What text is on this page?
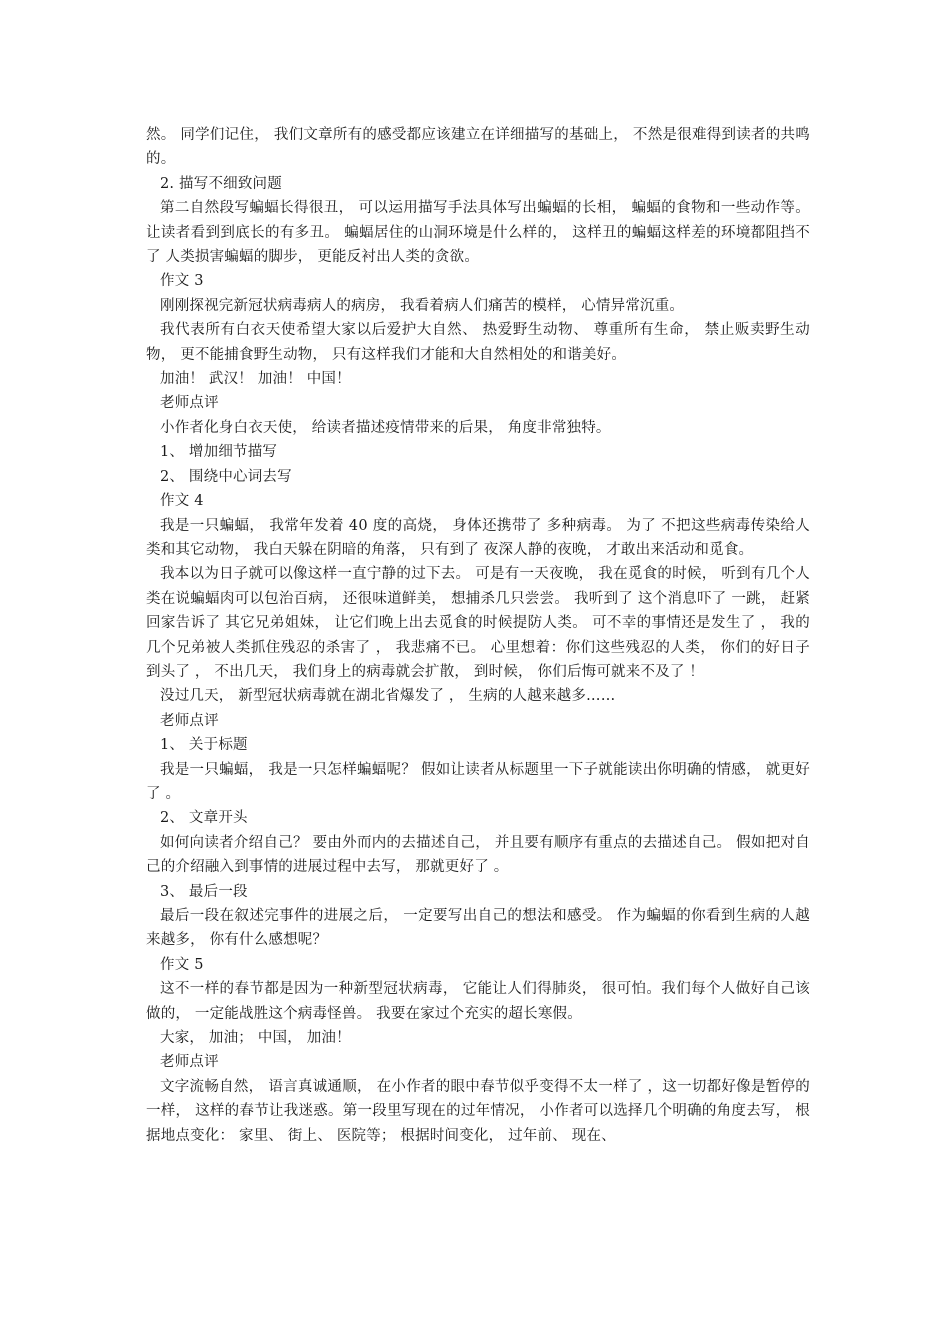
然。 同学们记住， 我们文章所有的感受都应该建立在详细描写的基础上， 不然是很难得到读者的共鸣的。

2. 描写不细致问题

第二自然段写蝙蝠长得很丑， 可以运用描写手法具体写出蝙蝠的长相， 蝙蝠的食物和一些动作等。 让读者看到到底长的有多丑。 蝙蝠居住的山洞环境是什么样的， 这样丑的蝙蝠这样差的环境都阻挡不了 人类损害蝙蝠的脚步， 更能反衬出人类的贪欲。

作文 3

刚刚探视完新冠状病毒病人的病房， 我看着病人们痛苦的模样， 心情异常沉重。

我代表所有白衣天使希望大家以后爱护大自然、 热爱野生动物、 尊重所有生命， 禁止贩卖野生动物， 更不能捕食野生动物， 只有这样我们才能和大自然相处的和谐美好。

加油！ 武汉！ 加油！ 中国！

老师点评

小作者化身白衣天使， 给读者描述疫情带来的后果， 角度非常独特。

1、 增加细节描写

2、 围绕中心词去写

作文 4

我是一只蝙蝠， 我常年发着 40 度的高烧， 身体还携带了 多种病毒。 为了 不把这些病毒传染给人类和其它动物， 我白天躲在阴暗的角落， 只有到了 夜深人静的夜晚， 才敢出来活动和觅食。

我本以为日子就可以像这样一直宁静的过下去。 可是有一天夜晚， 我在觅食的时候， 听到有几个人类在说蝙蝠肉可以包治百病， 还很味道鲜美， 想捕杀几只尝尝。 我听到了 这个消息吓了 一跳， 赶紧回家告诉了 其它兄弟姐妹， 让它们晚上出去觅食的时候提防人类。 可不幸的事情还是发生了 ， 我的几个兄弟被人类抓住残忍的杀害了 ， 我悲痛不已。 心里想着：你们这些残忍的人类， 你们的好日子到头了 ， 不出几天， 我们身上的病毒就会扩散， 到时候， 你们后悔可就来不及了 ！

没过几天， 新型冠状病毒就在湖北省爆发了 ， 生病的人越来越多……

老师点评

1、 关于标题

我是一只蝙蝠， 我是一只怎样蝙蝠呢？ 假如让读者从标题里一下子就能读出你明确的情感， 就更好了 。

2、 文章开头

如何向读者介绍自己？ 要由外而内的去描述自己， 并且要有顺序有重点的去描述自己。 假如把对自己的介绍融入到事情的进展过程中去写， 那就更好了 。

3、 最后一段

最后一段在叙述完事件的进展之后， 一定要写出自己的想法和感受。 作为蝙蝠的你看到生病的人越来越多， 你有什么感想呢？

作文 5

这不一样的春节都是因为一种新型冠状病毒， 它能让人们得肺炎， 很可怕。我们每个人做好自己该做的， 一定能战胜这个病毒怪兽。 我要在家过个充实的超长寒假。

大家， 加油； 中国， 加油！

老师点评

文字流畅自然， 语言真诚通顺， 在小作者的眼中春节似乎变得不太一样了 ，这一切都好像是暂停的一样， 这样的春节让我迷惑。第一段里写现在的过年情况， 小作者可以选择几个明确的角度去写， 根据地点变化： 家里、 街上、 医院等； 根据时间变化， 过年前、 现在、
